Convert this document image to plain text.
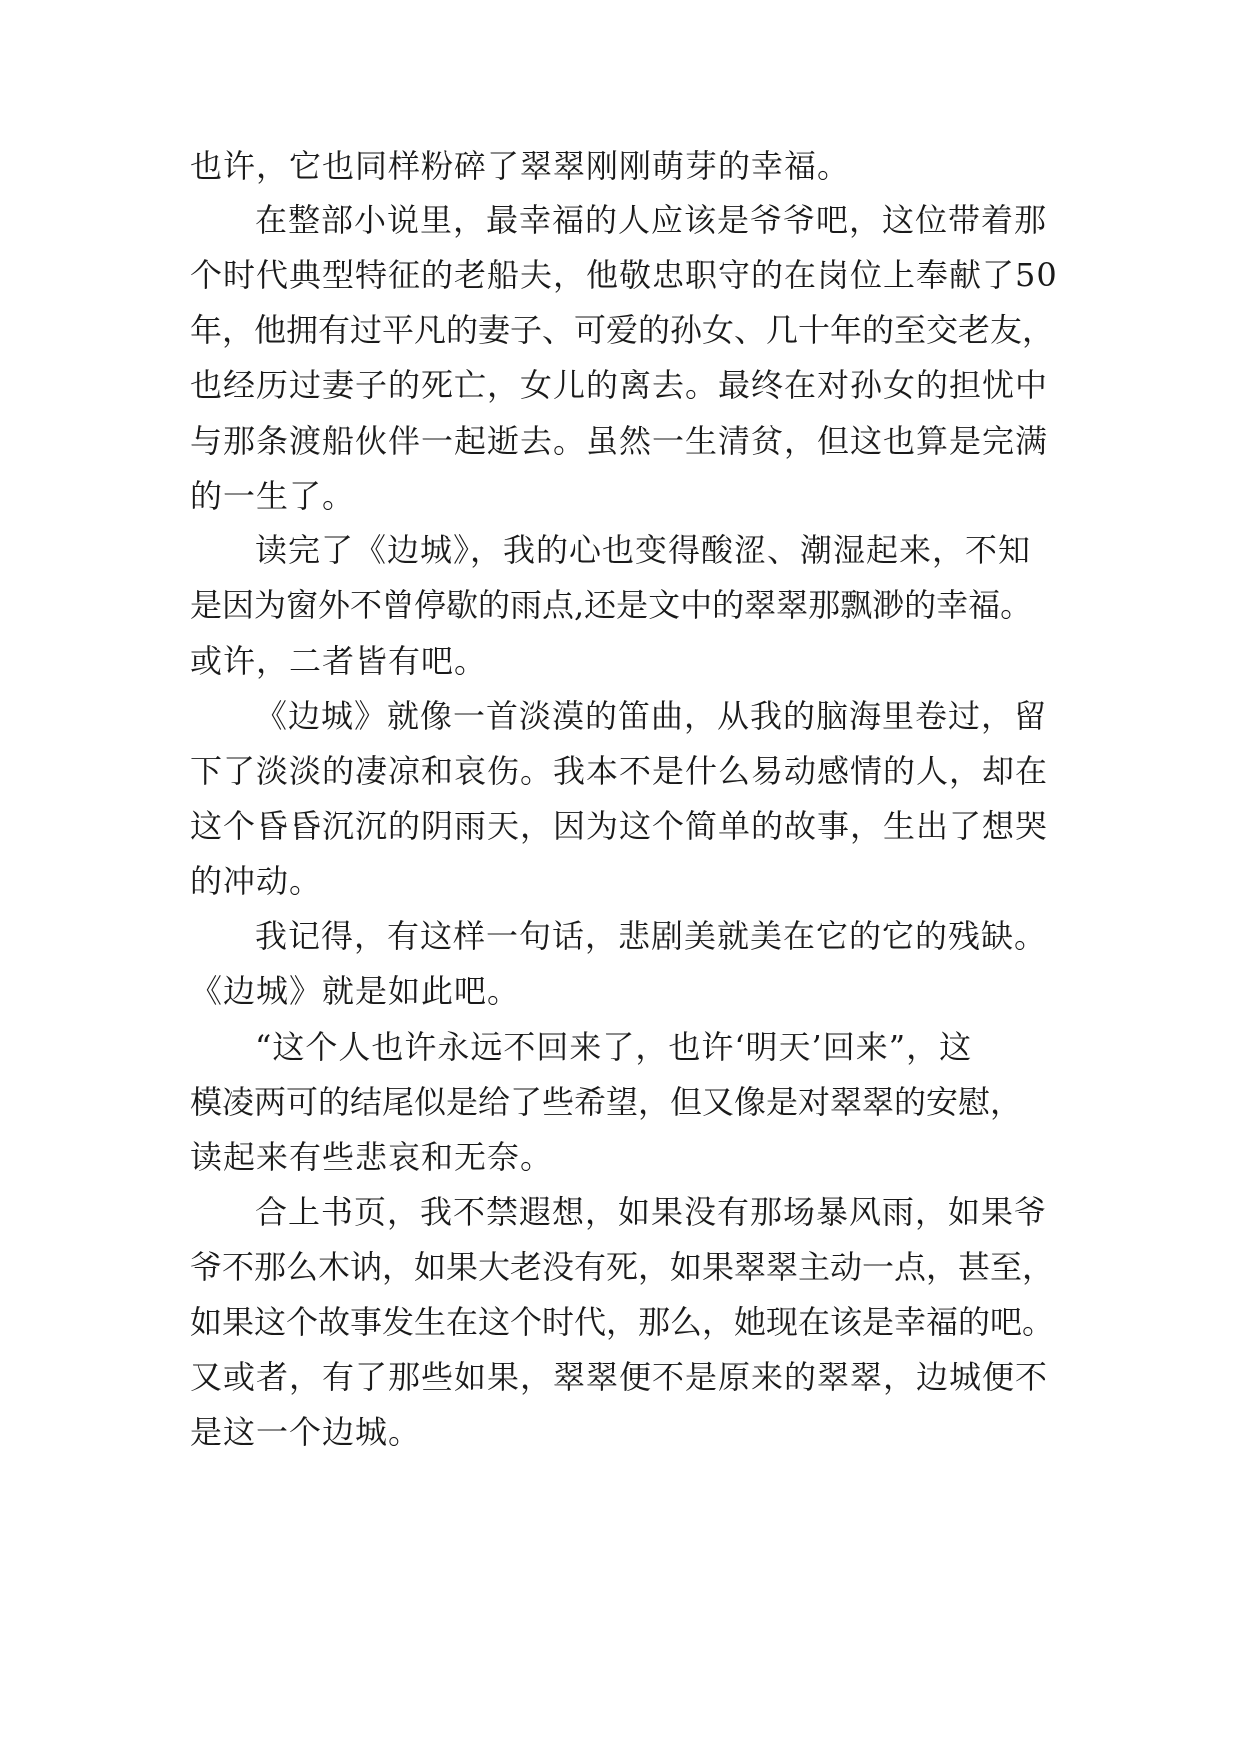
也许，它也同样粉碎了翠翠刚刚萌芽的幸福。
在整部小说里，最幸福的人应该是爷爷吧，这位带着那
个时代典型特征的老船夫，他敬忠职守的在岗位上奉献了50
年，他拥有过平凡的妻子、可爱的孙女、几十年的至交老友，
也经历过妻子的死亡，女儿的离去。最终在对孙女的担忧中
与那条渡船伙伴一起逝去。虽然一生清贫，但这也算是完满
的一生了。
读完了《边城》，我的心也变得酸涩、潮湿起来，不知
是因为窗外不曾停歇的雨点,还是文中的翠翠那飘渺的幸福。
或许，二者皆有吧。
《边城》就像一首淡漠的笛曲，从我的脑海里卷过，留
下了淡淡的凄凉和哀伤。我本不是什么易动感情的人，却在
这个昏昏沉沉的阴雨天，因为这个简单的故事，生出了想哭
的冲动。
我记得，有这样一句话，悲剧美就美在它的它的残缺。
《边城》就是如此吧。
“这个人也许永远不回来了，也许‘明天’回来”，这
模凌两可的结尾似是给了些希望，但又像是对翠翠的安慰，
读起来有些悲哀和无奈。
合上书页，我不禁遐想，如果没有那场暴风雨，如果爷
爷不那么木讷，如果大老没有死，如果翠翠主动一点，甚至，
如果这个故事发生在这个时代，那么，她现在该是幸福的吧。
又或者，有了那些如果，翠翠便不是原来的翠翠，边城便不
是这一个边城。
